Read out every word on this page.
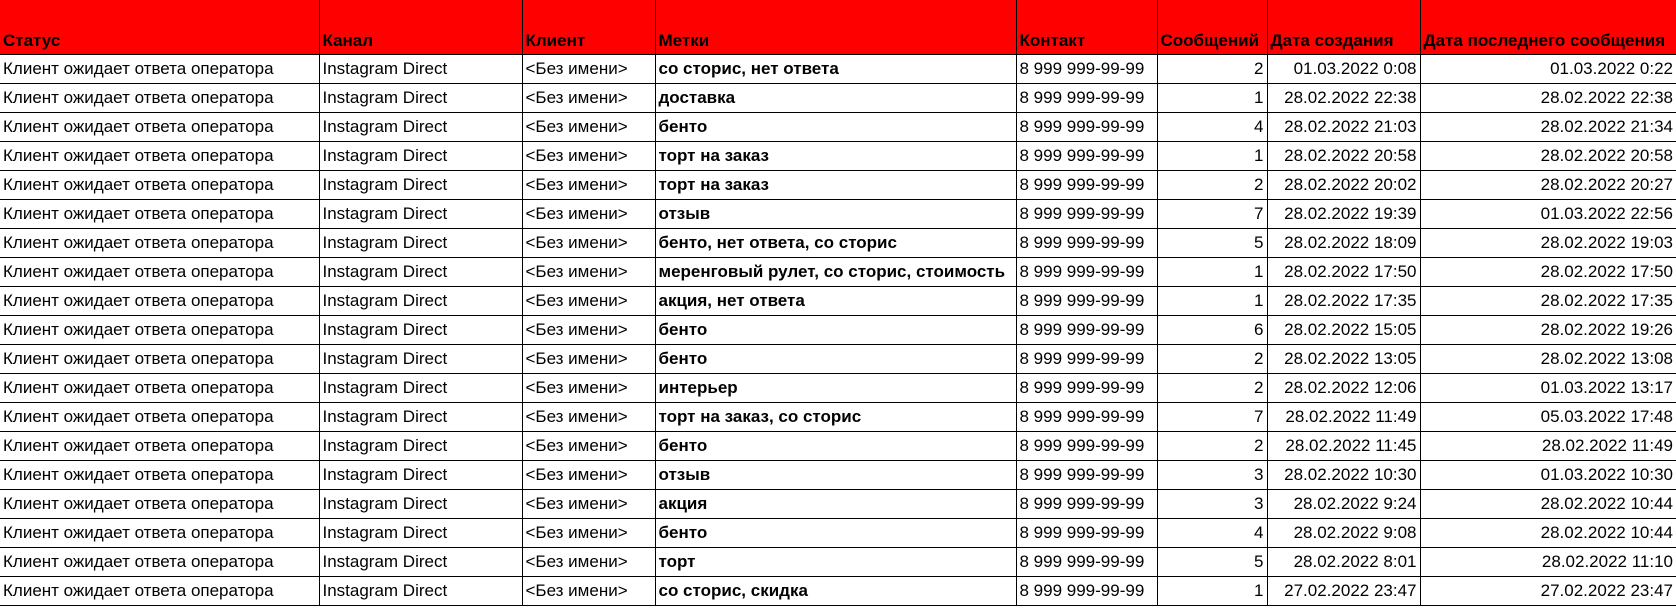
Статус	Канал	Клиент	Метки	Контакт	Сообщений	Дата создания	Дата последнего сообщения
Клиент ожидает ответа оператора	Instagram Direct	<Без имени>	со сторис, нет ответа	8 999 999-99-99	2	01.03.2022 0:08	01.03.2022 0:22
Клиент ожидает ответа оператора	Instagram Direct	<Без имени>	доставка	8 999 999-99-99	1	28.02.2022 22:38	28.02.2022 22:38
Клиент ожидает ответа оператора	Instagram Direct	<Без имени>	бенто	8 999 999-99-99	4	28.02.2022 21:03	28.02.2022 21:34
Клиент ожидает ответа оператора	Instagram Direct	<Без имени>	торт на заказ	8 999 999-99-99	1	28.02.2022 20:58	28.02.2022 20:58
Клиент ожидает ответа оператора	Instagram Direct	<Без имени>	торт на заказ	8 999 999-99-99	2	28.02.2022 20:02	28.02.2022 20:27
Клиент ожидает ответа оператора	Instagram Direct	<Без имени>	отзыв	8 999 999-99-99	7	28.02.2022 19:39	01.03.2022 22:56
Клиент ожидает ответа оператора	Instagram Direct	<Без имени>	бенто, нет ответа, со сторис	8 999 999-99-99	5	28.02.2022 18:09	28.02.2022 19:03
Клиент ожидает ответа оператора	Instagram Direct	<Без имени>	меренговый рулет, со сторис, стоимость	8 999 999-99-99	1	28.02.2022 17:50	28.02.2022 17:50
Клиент ожидает ответа оператора	Instagram Direct	<Без имени>	акция, нет ответа	8 999 999-99-99	1	28.02.2022 17:35	28.02.2022 17:35
Клиент ожидает ответа оператора	Instagram Direct	<Без имени>	бенто	8 999 999-99-99	6	28.02.2022 15:05	28.02.2022 19:26
Клиент ожидает ответа оператора	Instagram Direct	<Без имени>	бенто	8 999 999-99-99	2	28.02.2022 13:05	28.02.2022 13:08
Клиент ожидает ответа оператора	Instagram Direct	<Без имени>	интерьер	8 999 999-99-99	2	28.02.2022 12:06	01.03.2022 13:17
Клиент ожидает ответа оператора	Instagram Direct	<Без имени>	торт на заказ, со сторис	8 999 999-99-99	7	28.02.2022 11:49	05.03.2022 17:48
Клиент ожидает ответа оператора	Instagram Direct	<Без имени>	бенто	8 999 999-99-99	2	28.02.2022 11:45	28.02.2022 11:49
Клиент ожидает ответа оператора	Instagram Direct	<Без имени>	отзыв	8 999 999-99-99	3	28.02.2022 10:30	01.03.2022 10:30
Клиент ожидает ответа оператора	Instagram Direct	<Без имени>	акция	8 999 999-99-99	3	28.02.2022 9:24	28.02.2022 10:44
Клиент ожидает ответа оператора	Instagram Direct	<Без имени>	бенто	8 999 999-99-99	4	28.02.2022 9:08	28.02.2022 10:44
Клиент ожидает ответа оператора	Instagram Direct	<Без имени>	торт	8 999 999-99-99	5	28.02.2022 8:01	28.02.2022 11:10
Клиент ожидает ответа оператора	Instagram Direct	<Без имени>	со сторис, скидка	8 999 999-99-99	1	27.02.2022 23:47	27.02.2022 23:47
